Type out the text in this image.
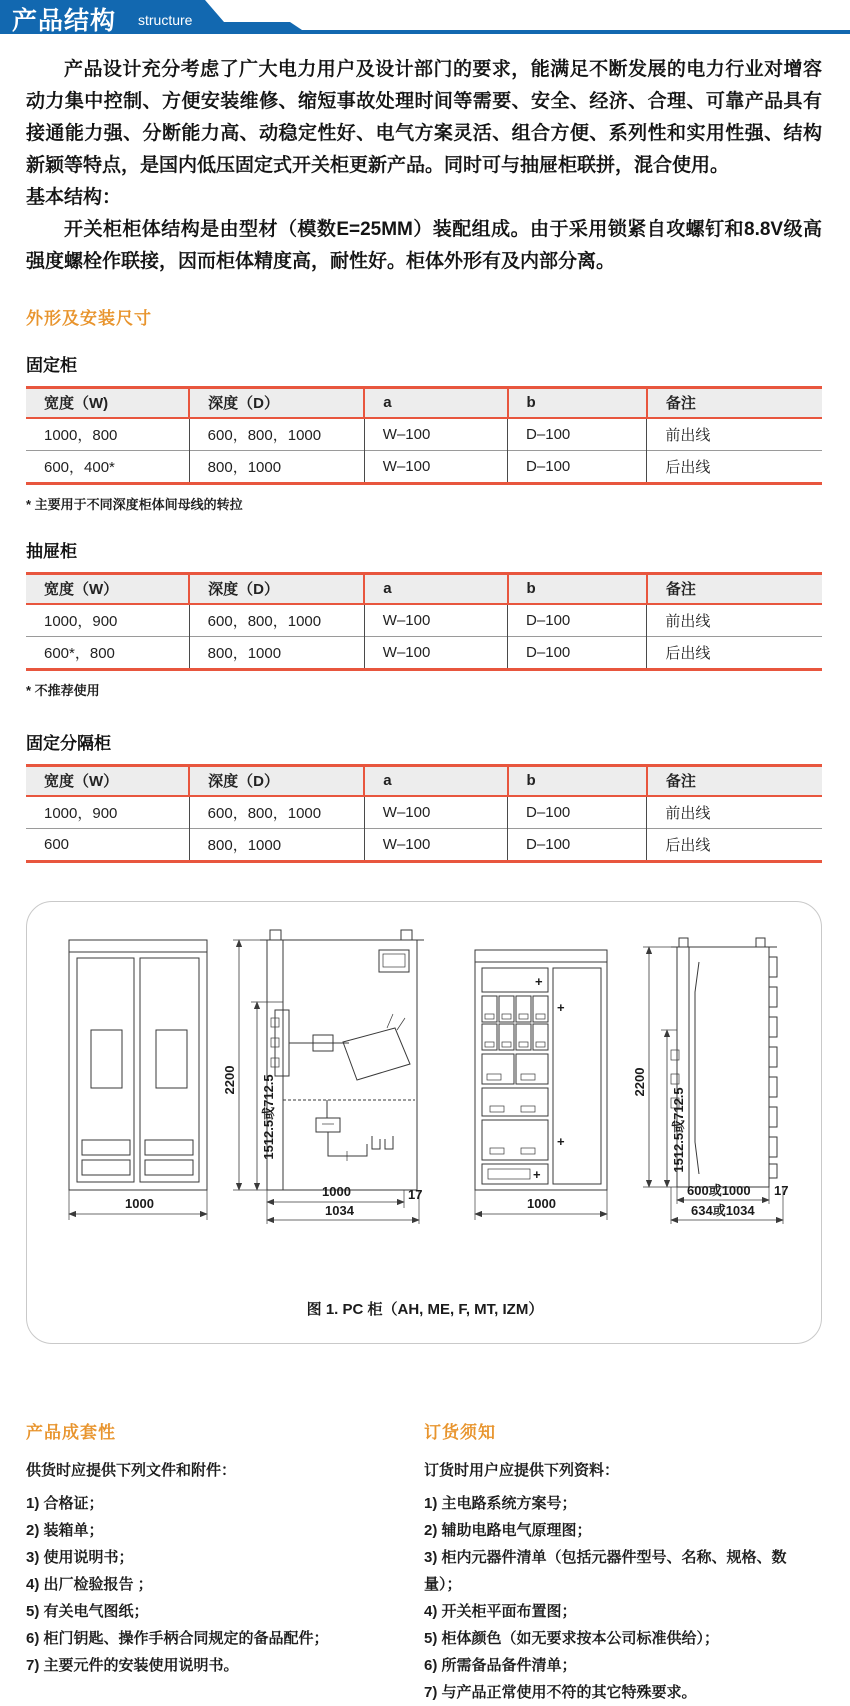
产品结构 structure

产品设计充分考虑了广大电力用户及设计部门的要求，能满足不断发展的电力行业对增容动力集中控制、方便安装维修、缩短事故处理时间等需要、安全、经济、合理、可靠产品具有接通能力强、分断能力高、动稳定性好、电气方案灵活、组合方便、系列性和实用性强、结构新颖等特点，是国内低压固定式开关柜更新产品。同时可与抽屉柜联拼，混合使用。

基本结构：

开关柜柜体结构是由型材（模数E=25MM）装配组成。由于采用锁紧自攻螺钉和8.8V级高强度螺栓作联接，因而柜体精度高，耐性好。柜体外形有及内部分离。

外形及安装尺寸
固定柜
宽度（W)	深度（D）	a	b	备注
1000，800	600，800，1000	W–100	D–100	前出线
600，400*	800，1000	W–100	D–100	后出线
* 主要用于不同深度柜体间母线的转拉
抽屉柜
宽度（W）	深度（D）	a	b	备注
1000，900	600，800，1000	W–100	D–100	前出线
600*，800	800，1000	W–100	D–100	后出线
* 不推荐使用
固定分隔柜
宽度（W）	深度（D）	a	b	备注
1000，900	600，800，1000	W–100	D–100	前出线
600	800，1000	W–100	D–100	后出线
1000
2200 1512.5或712.5
1000	17
1034
+
+
+
+
1000
2200
1512.5或712.5
600或1000 17
634或1034
图 1. PC 柜（AH, ME, F, MT, IZM）
产品成套性
供货时应提供下列文件和附件：
1) 合格证；
2) 装箱单；
3) 使用说明书；
4) 出厂检验报告 ；
5) 有关电气图纸；
6) 柜门钥匙、操作手柄合同规定的备品配件；
7) 主要元件的安装使用说明书。
订货须知
订货时用户应提供下列资料：
1) 主电路系统方案号；
2) 辅助电路电气原理图；
3) 柜内元器件清单（包括元器件型号、名称、规格、数量）；
4) 开关柜平面布置图；
5) 柜体颜色（如无要求按本公司标准供给）；
6) 所需备品备件清单；
7) 与产品正常使用不符的其它特殊要求。
